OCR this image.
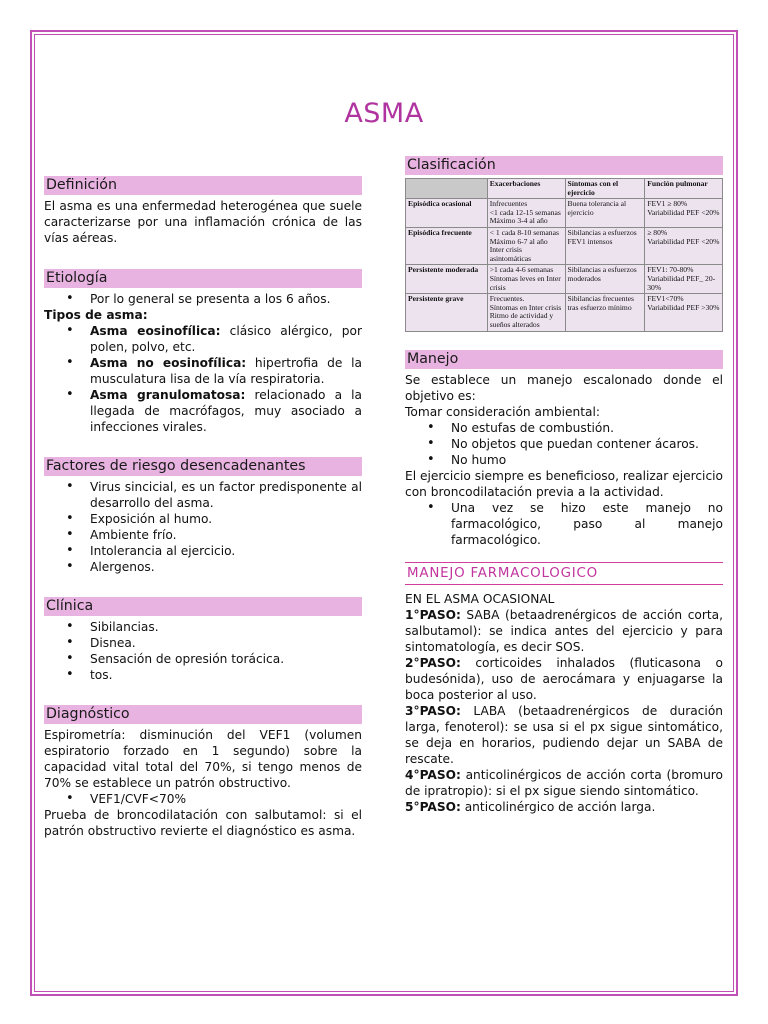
ASMA
Definición

El asma es una enfermedad heterogénea que suele caracterizarse por una inflamación crónica de las vías aéreas.

Etiología
• Por lo general se presenta a los 6 años.

Tipos de asma:

• Asma eosinofílica: clásico alérgico, por polen, polvo, etc.
• Asma no eosinofílica: hipertrofia de la musculatura lisa de la vía respiratoria.
• Asma granulomatosa: relacionado a la llegada de macrófagos, muy asociado a infecciones virales.
Factores de riesgo desencadenantes
• Virus sincicial, es un factor predisponente al desarrollo del asma.
• Exposición al humo.
• Ambiente frío.
• Intolerancia al ejercicio.
• Alergenos.
Clínica
• Sibilancias.
• Disnea.
• Sensación de opresión torácica.
• tos.
Diagnóstico

Espirometría: disminución del VEF1 (volumen espiratorio forzado en 1 segundo) sobre la capacidad vital total del 70%, si tengo menos de 70% se establece un patrón obstructivo.

• VEF1/CVF<70%

Prueba de broncodilatación con salbutamol: si el patrón obstructivo revierte el diagnóstico es asma.

Clasificación
	Exacerbaciones	Síntomas con el ejercicio	Función pulmonar
Episódica ocasional	Infrecuentes
<1 cada 12-15 semanas
Máximo 3-4 al año	Buena tolerancia al ejercicio	FEV1 ≥ 80%
Variabilidad PEF <20%
Episódica frecuente	< 1 cada 8-10 semanas
Máximo 6-7 al año
Inter crisis asintomáticas	Sibilancias a esfuerzos
FEV1 intensos	≥ 80%
Variabilidad PEF <20%
Persistente moderada	>1 cada 4-6 semanas
Síntomas leves en Inter crisis	Sibilancias a esfuerzos moderados	FEV1: 70-80%
Variabilidad PEF_ 20-30%
Persistente grave	Frecuentes.
Síntomas en Inter crisis
Ritmo de actividad y sueños alterados	Sibilancias frecuentes tras esfuerzo mínimo	FEV1<70%
Variabilidad PEF >30%
Manejo

Se establece un manejo escalonado donde el objetivo es:

Tomar consideración ambiental:

• No estufas de combustión.
• No objetos que puedan contener ácaros.
• No humo

El ejercicio siempre es beneficioso, realizar ejercicio con broncodilatación previa a la actividad.

• Una vez se hizo este manejo no farmacológico, paso al manejo farmacológico.
MANEJO FARMACOLOGICO

EN EL ASMA OCASIONAL

1°PASO: SABA (betaadrenérgicos de acción corta, salbutamol): se indica antes del ejercicio y para sintomatología, es decir SOS.

2°PASO: corticoides inhalados (fluticasona o budesónida), uso de aerocámara y enjuagarse la boca posterior al uso.

3°PASO: LABA (betaadrenérgicos de duración larga, fenoterol): se usa si el px sigue sintomático, se deja en horarios, pudiendo dejar un SABA de rescate.

4°PASO: anticolinérgicos de acción corta (bromuro de ipratropio): si el px sigue siendo sintomático.

5°PASO: anticolinérgico de acción larga.
